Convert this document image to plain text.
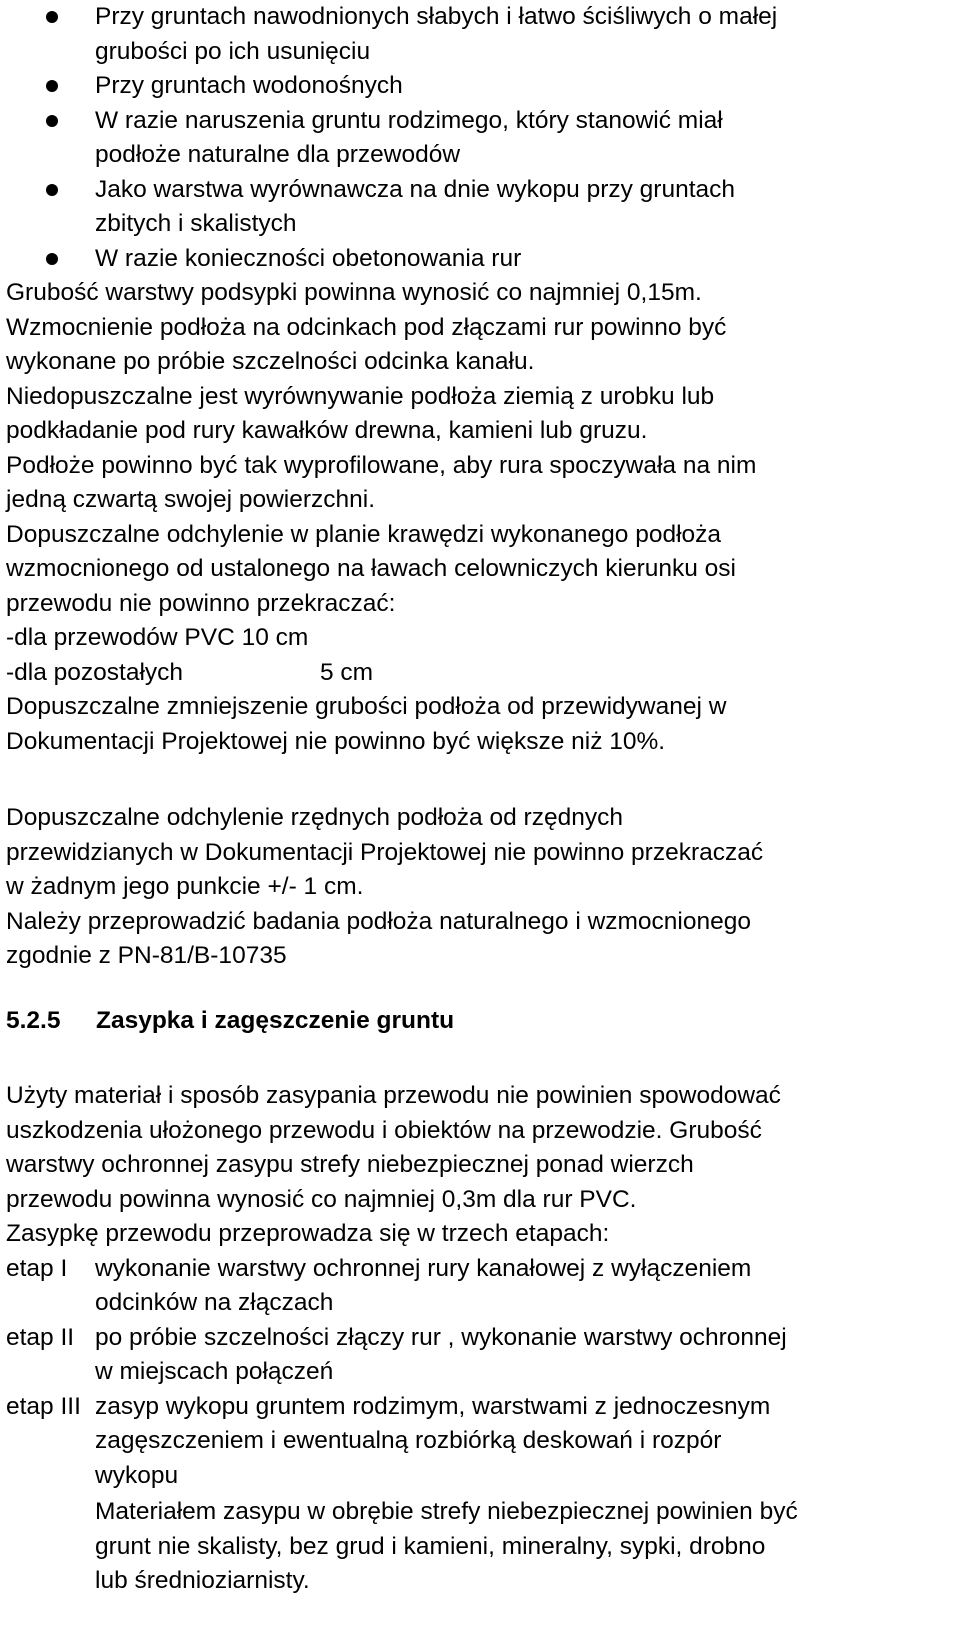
Przy gruntach nawodnionych słabych i łatwo ściśliwych o małej
grubości po ich usunięciu
Przy gruntach wodonośnych
W razie naruszenia gruntu rodzimego, który stanowić miał
podłoże naturalne dla przewodów
Jako warstwa wyrównawcza na dnie wykopu przy gruntach
zbitych i skalistych
W razie konieczności obetonowania rur
Grubość warstwy podsypki powinna wynosić co najmniej 0,15m.
Wzmocnienie podłoża na odcinkach pod złączami rur powinno być
wykonane po próbie szczelności odcinka kanału.
Niedopuszczalne jest wyrównywanie podłoża ziemią z urobku lub
podkładanie pod rury kawałków drewna, kamieni lub gruzu.
Podłoże powinno być tak wyprofilowane, aby rura spoczywała na nim
jedną czwartą swojej powierzchni.
Dopuszczalne odchylenie w planie krawędzi wykonanego podłoża
wzmocnionego od ustalonego na ławach celowniczych kierunku osi
przewodu nie powinno przekraczać:
-dla przewodów PVC 10 cm
-dla pozostałych	5 cm
Dopuszczalne zmniejszenie grubości podłoża od przewidywanej w
Dokumentacji Projektowej nie powinno być większe niż 10%.
Dopuszczalne odchylenie rzędnych podłoża od rzędnych
przewidzianych w Dokumentacji Projektowej nie powinno przekraczać
w żadnym jego punkcie +/- 1 cm.
Należy przeprowadzić badania podłoża naturalnego i wzmocnionego
zgodnie z PN-81/B-10735
5.2.5 Zasypka i zagęszczenie gruntu
Użyty materiał i sposób zasypania przewodu nie powinien spowodować
uszkodzenia ułożonego przewodu i obiektów na przewodzie. Grubość
warstwy ochronnej zasypu strefy niebezpiecznej ponad wierzch
przewodu powinna wynosić co najmniej 0,3m dla rur PVC.
Zasypkę przewodu przeprowadza się w trzech etapach:
etap I wykonanie warstwy ochronnej rury kanałowej z wyłączeniem
odcinków na złączach
etap II po próbie szczelności złączy rur , wykonanie warstwy ochronnej
w miejscach połączeń
etap III zasyp wykopu gruntem rodzimym, warstwami z jednoczesnym
zagęszczeniem i ewentualną rozbiórką deskowań i rozpór
wykopu
Materiałem zasypu w obrębie strefy niebezpiecznej powinien być
grunt nie skalisty, bez grud i kamieni, mineralny, sypki, drobno
lub średnioziarnisty.
